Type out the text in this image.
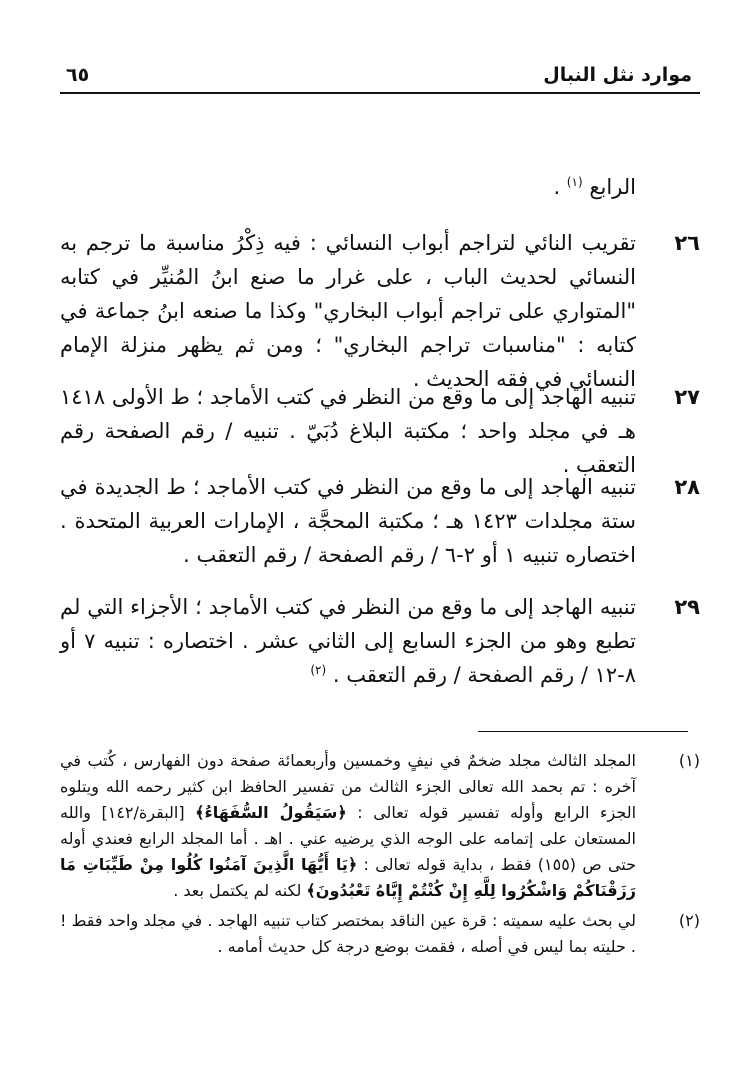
موارد نثل النبال
٦٥
الرابع $^{(١)}$ .
٢٦
تقريب النائي لتراجم أبواب النسائي : فيه ذِكْرُ مناسبة ما ترجم به النسائي لحديث الباب ، على غرار ما صنع ابنُ المُنيِّر في كتابه "المتواري على تراجم أبواب البخاري" وكذا ما صنعه ابنُ جماعة في كتابه : "مناسبات تراجم البخاري" ؛ ومن ثم يظهر منزلة الإمام النسائي في فقه الحديث .
٢٧
تنبيه الهاجد إلى ما وقع من النظر في كتب الأماجد ؛ ط الأولى ١٤١٨ هـ في مجلد واحد ؛ مكتبة البلاغ دُبَيّ . تنبيه / رقم الصفحة رقم التعقب .
٢٨
تنبيه الهاجد إلى ما وقع من النظر في كتب الأماجد ؛ ط الجديدة في ستة مجلدات ١٤٢٣ هـ ؛ مكتبة المحجَّة ، الإمارات العربية المتحدة . اختصاره تنبيه ١ أو ٢-٦ / رقم الصفحة / رقم التعقب .
٢٩
تنبيه الهاجد إلى ما وقع من النظر في كتب الأماجد ؛ الأجزاء التي لم تطبع وهو من الجزء السابع إلى الثاني عشر . اختصاره : تنبيه ٧ أو ٨-١٢ / رقم الصفحة / رقم التعقب . $^{(٢)}$
(١)
المجلد الثالث مجلد ضخمٌ في نيفٍ وخمسين وأربعمائة صفحة دون الفهارس ، كُتب في آخره : تم بحمد الله تعالى الجزء الثالث من تفسير الحافظ ابن كثير رحمه الله ويتلوه الجزء الرابع وأوله تفسير قوله تعالى : ﴿سَيَقُولُ السُّفَهَاءُ﴾ [البقرة/١٤٢] والله المستعان على إتمامه على الوجه الذي يرضيه عني . اهـ . أما المجلد الرابع فعندي أوله حتى ص (١٥٥) فقط ، بداية قوله تعالى : ﴿يَا أَيُّهَا الَّذِينَ آمَنُوا كُلُوا مِنْ طَيِّبَاتِ مَا رَزَقْنَاكُمْ وَاشْكُرُوا لِلَّهِ إِنْ كُنْتُمْ إِيَّاهُ تَعْبُدُونَ﴾ لكنه لم يكتمل بعد .
(٢)
لي بحث عليه سميته : قرة عين الناقد بمختصر كتاب تنبيه الهاجد . في مجلد واحد فقط ! . حليته بما ليس في أصله ، فقمت بوضع درجة كل حديث أمامه .
